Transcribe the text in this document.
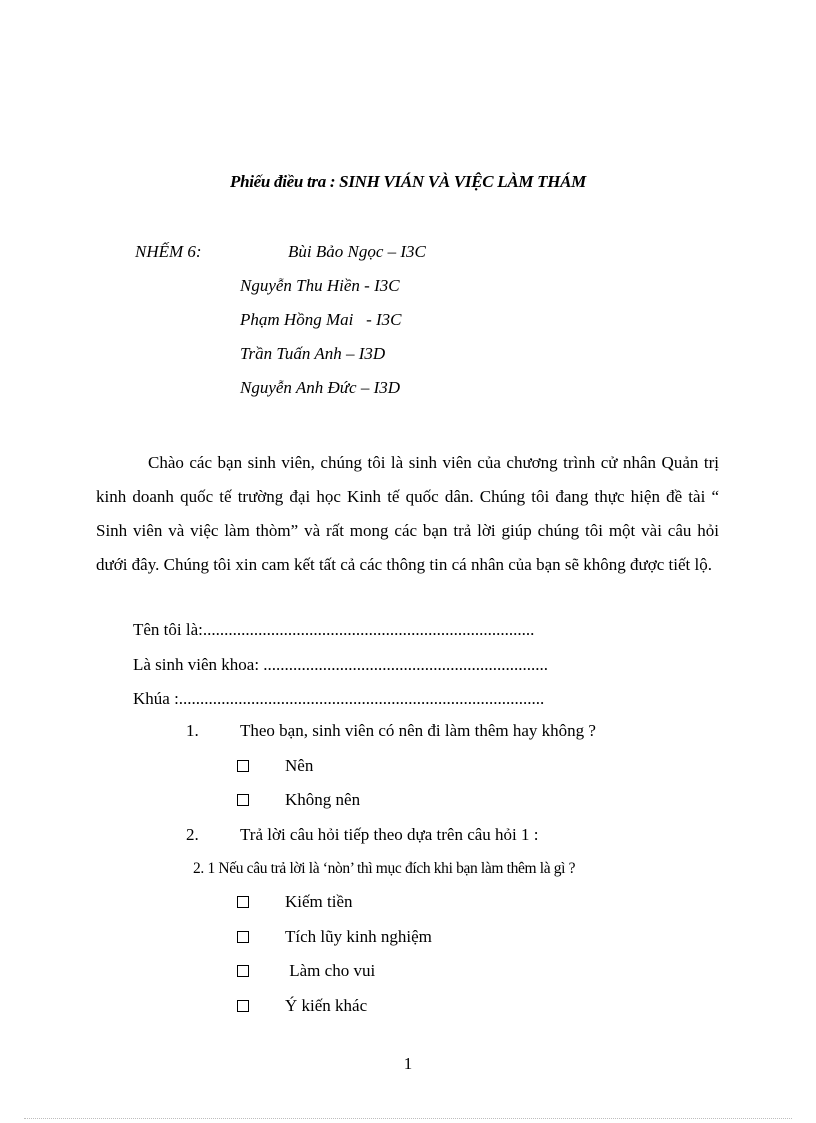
Phiếu điều tra : SINH VIÁN VÀ VIỆC LÀM THÁM
NHẾM 6:	Bùi Bảo Ngọc – I3C
Nguyễn Thu Hiền - I3C
Phạm Hồng Mai   - I3C
Trần Tuấn Anh – I3D
Nguyễn Anh Đức – I3D
Chào các bạn sinh viên, chúng tôi là sinh viên của chương trình cử nhân Quản trị kinh doanh quốc tế trường đại học Kinh tế quốc dân. Chúng tôi đang thực hiện đề tài “ Sinh viên và việc làm thòm” và rất mong các bạn trả lời giúp chúng tôi một vài câu hỏi dưới đây. Chúng tôi xin cam kết tất cả các thông tin cá nhân của bạn sẽ không được tiết lộ.
Tên tôi là:..............................................................................
Là sinh viên khoa: ...................................................................
Khúa :......................................................................................
1. Theo bạn, sinh viên có nên đi làm thêm hay không ?
Nên
Không nên
2. Trả lời câu hỏi tiếp theo dựa trên câu hỏi 1 :
2. 1 Nếu câu trả lời là ‘nòn’ thì mục đích khi bạn làm thêm là gì ?
Kiếm tiền
Tích lũy kinh nghiệm
Làm cho vui
Ý kiến khác
1
